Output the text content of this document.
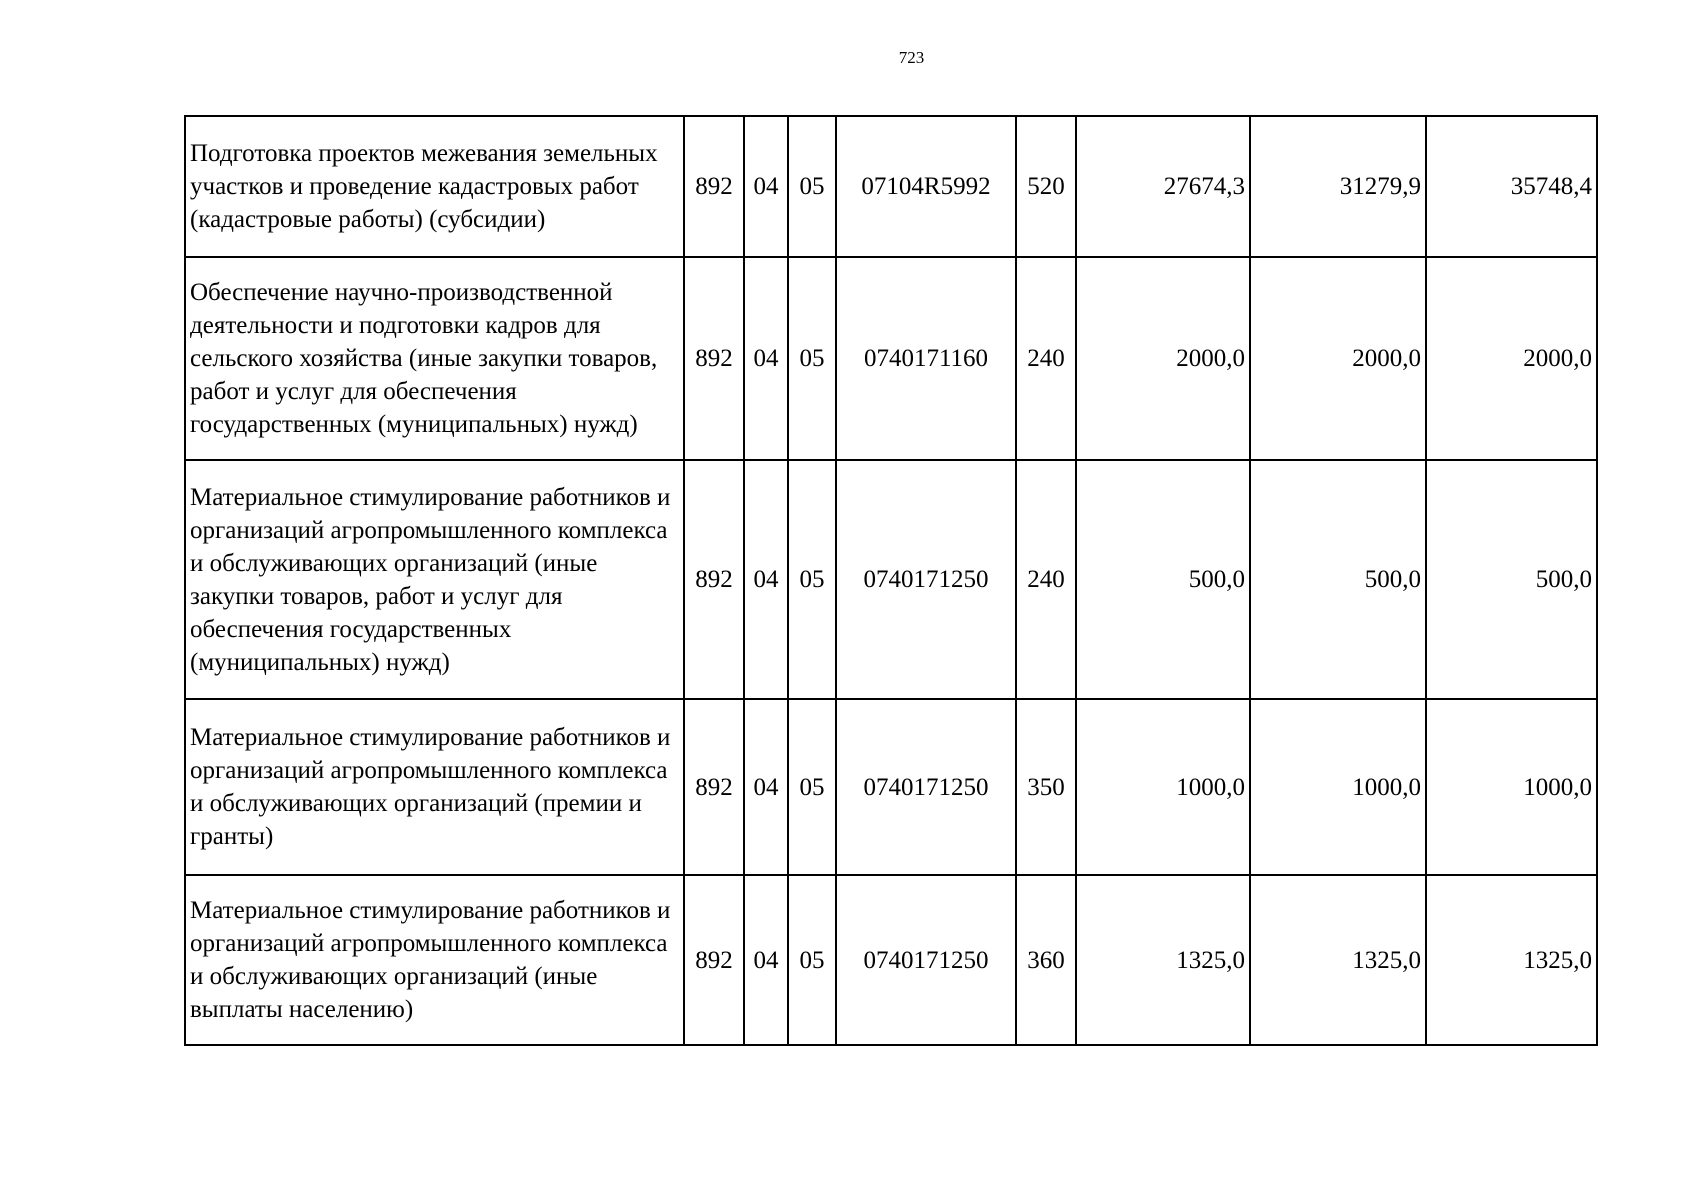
723
Подготовка проектов межевания земельных участков и проведение кадастровых работ (кадастровые работы) (субсидии)	892	04	05	07104R5992	520	27674,3	31279,9	35748,4
Обеспечение научно-производственной деятельности и подготовки кадров для сельского хозяйства (иные закупки товаров, работ и услуг для обеспечения государственных (муниципальных) нужд)	892	04	05	0740171160	240	2000,0	2000,0	2000,0
Материальное стимулирование работников и организаций агропромышленного комплекса и обслуживающих организаций (иные закупки товаров, работ и услуг для обеспечения государственных (муниципальных) нужд)	892	04	05	0740171250	240	500,0	500,0	500,0
Материальное стимулирование работников и организаций агропромышленного комплекса и обслуживающих организаций (премии и гранты)	892	04	05	0740171250	350	1000,0	1000,0	1000,0
Материальное стимулирование работников и организаций агропромышленного комплекса и обслуживающих организаций (иные выплаты населению)	892	04	05	0740171250	360	1325,0	1325,0	1325,0
